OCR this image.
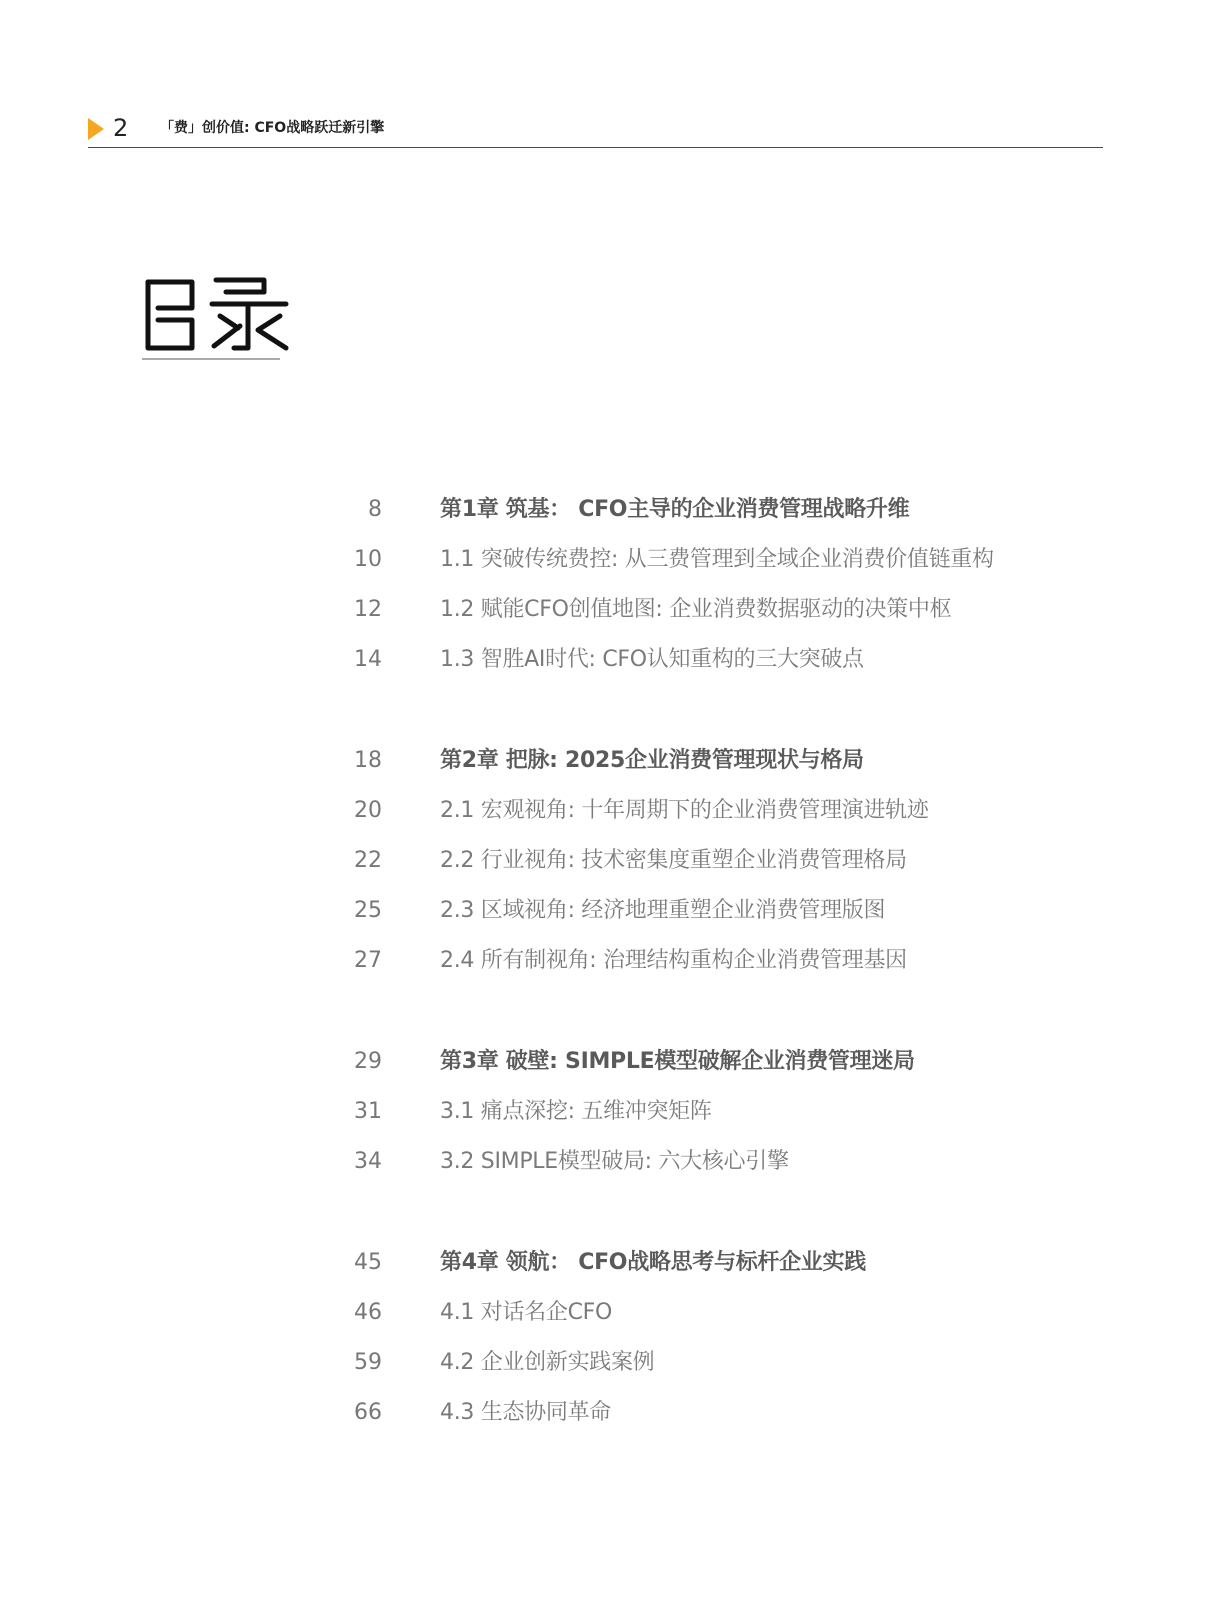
2 「费」创价值: CFO战略跃迁新引擎
8	第1章 筑基： CFO主导的企业消费管理战略升维
10	1.1 突破传统费控: 从三费管理到全域企业消费价值链重构
12	1.2 赋能CFO创值地图: 企业消费数据驱动的决策中枢
14	1.3 智胜AI时代: CFO认知重构的三大突破点
18	第2章 把脉: 2025企业消费管理现状与格局
20	2.1 宏观视角: 十年周期下的企业消费管理演进轨迹
22	2.2 行业视角: 技术密集度重塑企业消费管理格局
25	2.3 区域视角: 经济地理重塑企业消费管理版图
27	2.4 所有制视角: 治理结构重构企业消费管理基因
29	第3章 破壁: SIMPLE模型破解企业消费管理迷局
31	3.1 痛点深挖: 五维冲突矩阵
34	3.2 SIMPLE模型破局: 六大核心引擎
45	第4章 领航： CFO战略思考与标杆企业实践
46	4.1 对话名企CFO
59	4.2 企业创新实践案例
66	4.3 生态协同革命
